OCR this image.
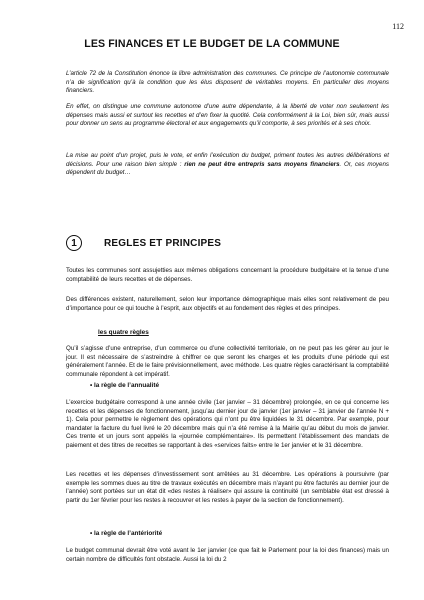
112
LES FINANCES ET LE BUDGET DE LA COMMUNE

L’article 72 de la Constitution énonce la libre administration des communes. Ce principe de l’autonomie communale n’a de signification qu’à la condition que les élus disposent de véritables moyens. En particulier des moyens financiers.

En effet, on distingue une commune autonome d’une autre dépendante, à la liberté de voter non seulement les dépenses mais aussi et surtout les recettes et d’en fixer la quotité. Cela conformément à la Loi, bien sûr, mais aussi pour donner un sens au programme électoral et aux engagements qu’il comporte, à ses priorités et à ses choix.

La mise au point d’un projet, puis le vote, et enfin l’exécution du budget, priment toutes les autres délibérations et décisions. Pour une raison bien simple : rien ne peut être entrepris sans moyens financiers. Or, ces moyens dépendent du budget…

1	REGLES ET PRINCIPES

Toutes les communes sont assujetties aux mêmes obligations concernant la procédure budgétaire et la tenue d’une comptabilité de leurs recettes et de dépenses.

Des différences existent, naturellement, selon leur importance démographique mais elles sont relativement de peu d’importance pour ce qui touche à l’esprit, aux objectifs et au fondement des règles et des principes.

les quatre règles

Qu’il s’agisse d’une entreprise, d’un commerce ou d’une collectivité territoriale, on ne peut pas les gérer au jour le jour. Il est nécessaire de s’astreindre à chiffrer ce que seront les charges et les produits d’une période qui est généralement l’année. Et de le faire prévisionnellement, avec méthode. Les quatre règles caractérisant la comptabilité communale répondent à cet impératif.

• la règle de l’annualité

L’exercice budgétaire correspond à une année civile (1er janvier – 31 décembre) prolongée, en ce qui concerne les recettes et les dépenses de fonctionnement, jusqu’au dernier jour de janvier (1er janvier – 31 janvier de l’année N + 1). Cela pour permettre le règlement des opérations qui n’ont pu être liquidées le 31 décembre. Par exemple, pour mandater la facture du fuel livré le 20 décembre mais qui n’a été remise à la Mairie qu’au début du mois de janvier. Ces trente et un jours sont appelés la «journée complémentaire». Ils permettent l’établissement des mandats de paiement et des titres de recettes se rapportant à des «services faits» entre le 1er janvier et le 31 décembre.

Les recettes et les dépenses d’investissement sont arrêtées au 31 décembre. Les opérations à poursuivre (par exemple les sommes dues au titre de travaux exécutés en décembre mais n’ayant pu être facturés au dernier jour de l’année) sont portées sur un état dit «des restes à réaliser» qui assure la continuité (un semblable état est dressé à partir du 1er février pour les restes à recouvrer et les restes à payer de la section de fonctionnement).

• la règle de l’antériorité

Le budget communal devrait être voté avant le 1er janvier (ce que fait le Parlement pour la loi des finances) mais un certain nombre de difficultés font obstacle. Aussi la loi du 2
